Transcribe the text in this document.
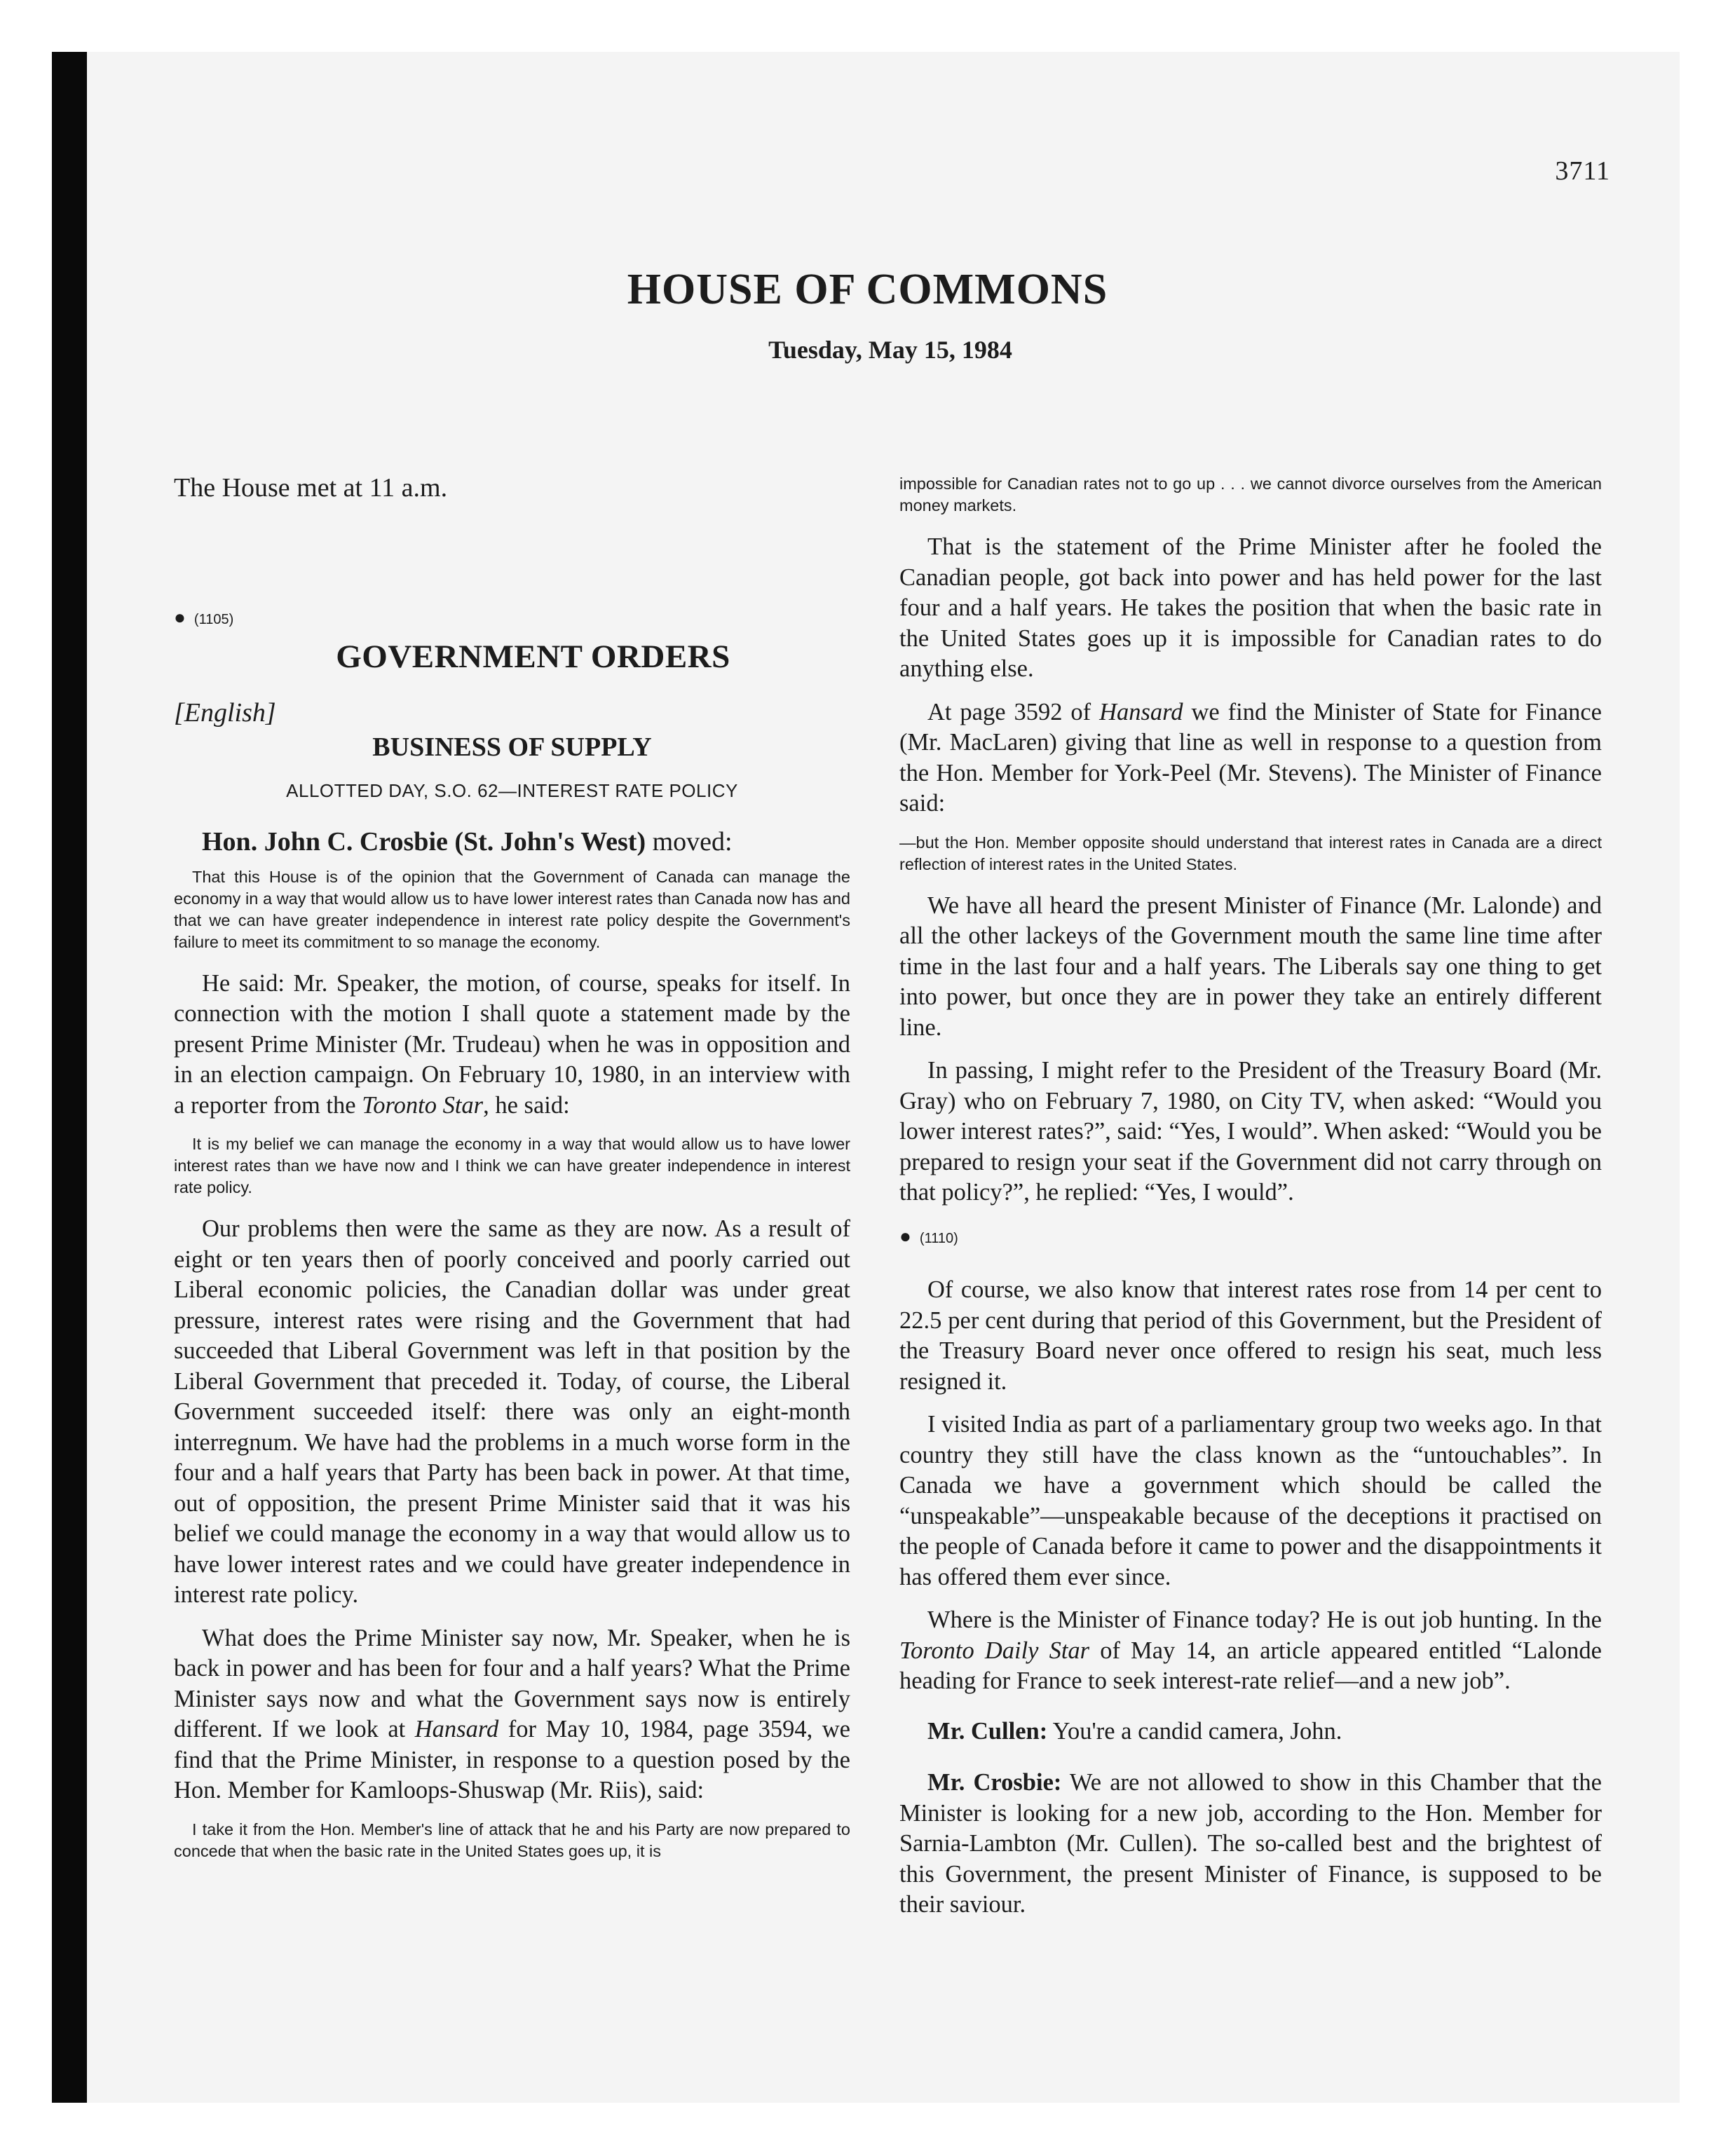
3711
HOUSE OF COMMONS
Tuesday, May 15, 1984

The House met at 11 a.m.

● (1105)
GOVERNMENT ORDERS
[English]
BUSINESS OF SUPPLY
ALLOTTED DAY, S.O. 62—INTEREST RATE POLICY
Hon. John C. Crosbie (St. John's West) moved:
That this House is of the opinion that the Government of Canada can manage the economy in a way that would allow us to have lower interest rates than Canada now has and that we can have greater independence in interest rate policy despite the Government's failure to meet its commitment to so manage the economy.

He said: Mr. Speaker, the motion, of course, speaks for itself. In connection with the motion I shall quote a statement made by the present Prime Minister (Mr. Trudeau) when he was in opposition and in an election campaign. On February 10, 1980, in an interview with a reporter from the Toronto Star, he said:

It is my belief we can manage the economy in a way that would allow us to have lower interest rates than we have now and I think we can have greater independence in interest rate policy.

Our problems then were the same as they are now. As a result of eight or ten years then of poorly conceived and poorly carried out Liberal economic policies, the Canadian dollar was under great pressure, interest rates were rising and the Government that had succeeded that Liberal Government was left in that position by the Liberal Government that preceded it. Today, of course, the Liberal Government succeeded itself: there was only an eight-month interregnum. We have had the problems in a much worse form in the four and a half years that Party has been back in power. At that time, out of opposition, the present Prime Minister said that it was his belief we could manage the economy in a way that would allow us to have lower interest rates and we could have greater independence in interest rate policy.

What does the Prime Minister say now, Mr. Speaker, when he is back in power and has been for four and a half years? What the Prime Minister says now and what the Government says now is entirely different. If we look at Hansard for May 10, 1984, page 3594, we find that the Prime Minister, in response to a question posed by the Hon. Member for Kamloops-Shuswap (Mr. Riis), said:

I take it from the Hon. Member's line of attack that he and his Party are now prepared to concede that when the basic rate in the United States goes up, it is
impossible for Canadian rates not to go up . . . we cannot divorce ourselves from the American money markets.

That is the statement of the Prime Minister after he fooled the Canadian people, got back into power and has held power for the last four and a half years. He takes the position that when the basic rate in the United States goes up it is impossible for Canadian rates to do anything else.

At page 3592 of Hansard we find the Minister of State for Finance (Mr. MacLaren) giving that line as well in response to a question from the Hon. Member for York-Peel (Mr. Stevens). The Minister of Finance said:

—but the Hon. Member opposite should understand that interest rates in Canada are a direct reflection of interest rates in the United States.

We have all heard the present Minister of Finance (Mr. Lalonde) and all the other lackeys of the Government mouth the same line time after time in the last four and a half years. The Liberals say one thing to get into power, but once they are in power they take an entirely different line.

In passing, I might refer to the President of the Treasury Board (Mr. Gray) who on February 7, 1980, on City TV, when asked: “Would you lower interest rates?”, said: “Yes, I would”. When asked: “Would you be prepared to resign your seat if the Government did not carry through on that policy?”, he replied: “Yes, I would”.

● (1110)

Of course, we also know that interest rates rose from 14 per cent to 22.5 per cent during that period of this Government, but the President of the Treasury Board never once offered to resign his seat, much less resigned it.

I visited India as part of a parliamentary group two weeks ago. In that country they still have the class known as the “untouchables”. In Canada we have a government which should be called the “unspeakable”—unspeakable because of the deceptions it practised on the people of Canada before it came to power and the disappointments it has offered them ever since.

Where is the Minister of Finance today? He is out job hunting. In the Toronto Daily Star of May 14, an article appeared entitled “Lalonde heading for France to seek interest-rate relief—and a new job”.

Mr. Cullen: You're a candid camera, John.

Mr. Crosbie: We are not allowed to show in this Chamber that the Minister is looking for a new job, according to the Hon. Member for Sarnia-Lambton (Mr. Cullen). The so-called best and the brightest of this Government, the present Minister of Finance, is supposed to be their saviour.
